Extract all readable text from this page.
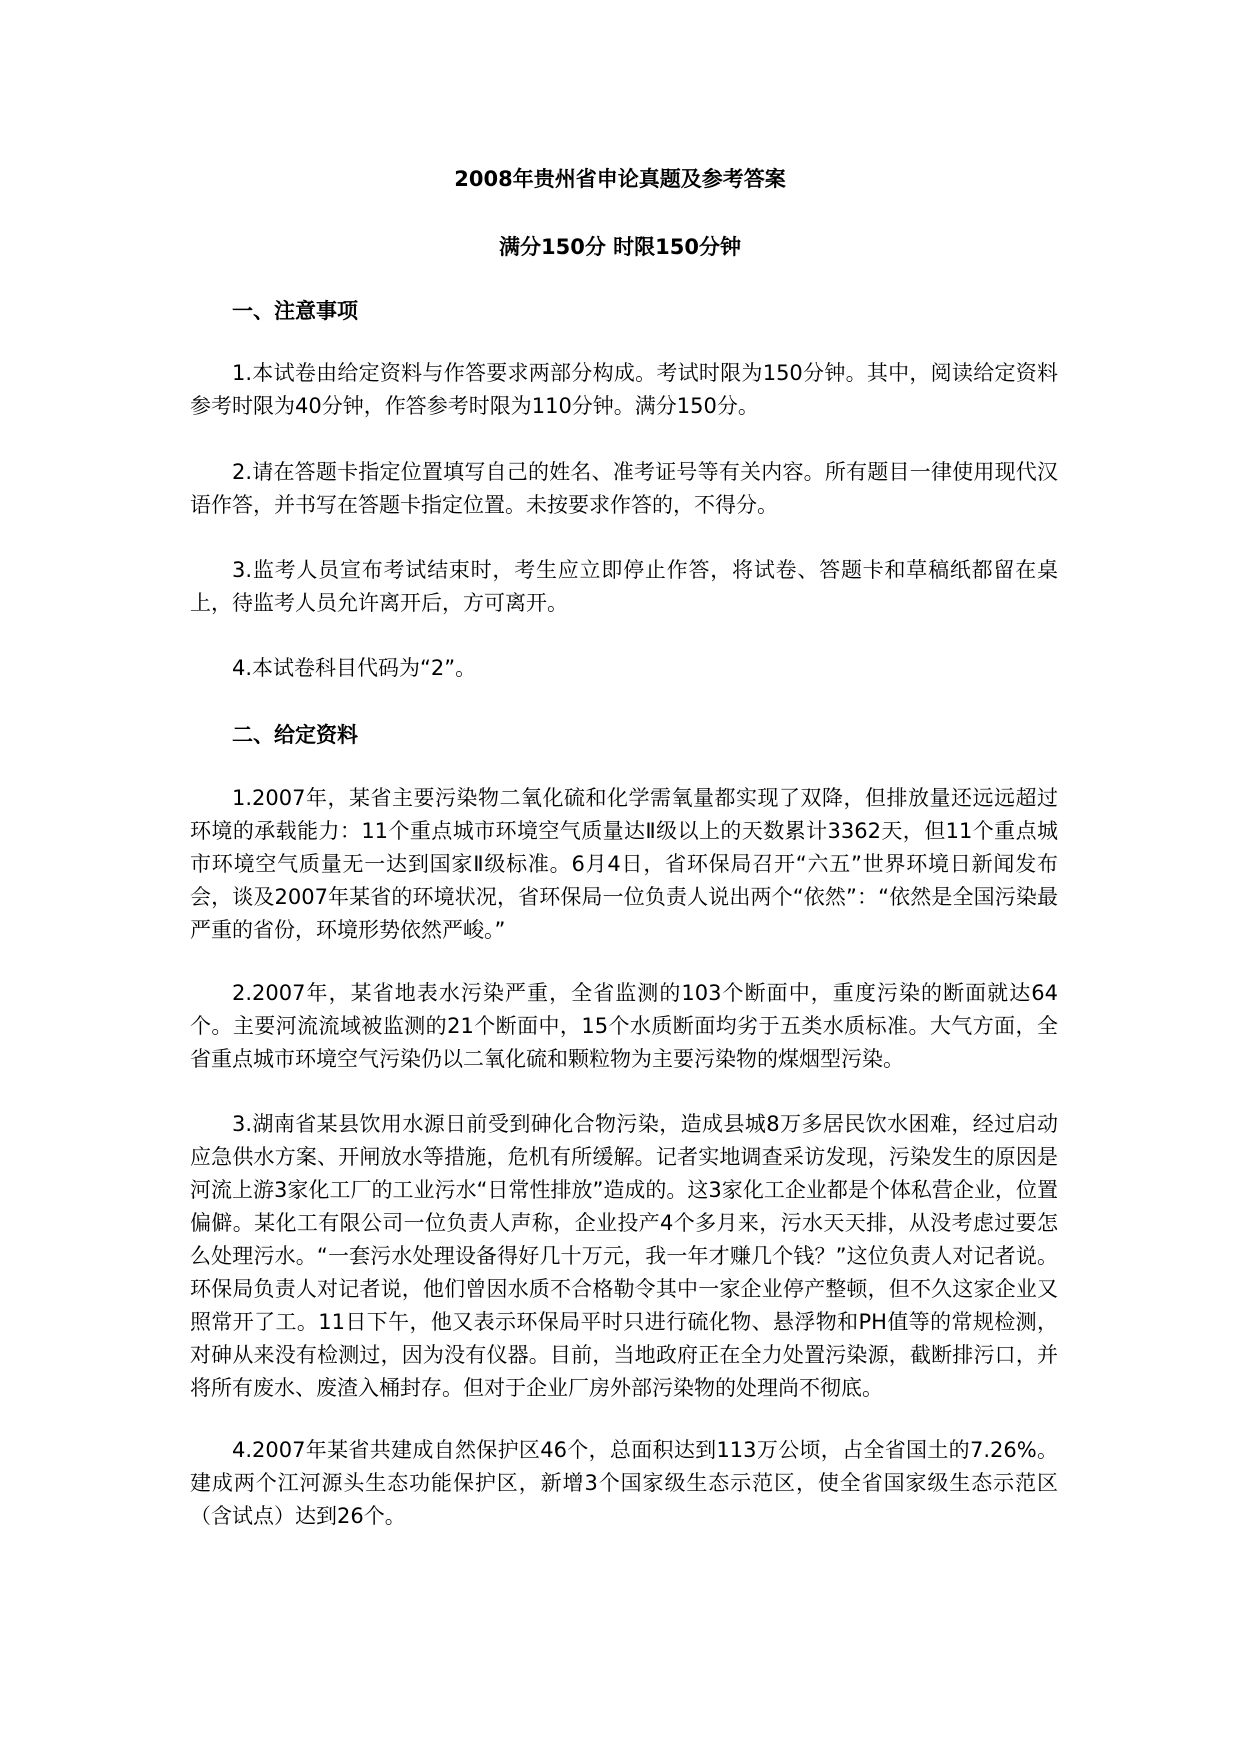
2008年贵州省申论真题及参考答案
满分150分 时限150分钟
一、注意事项

1.本试卷由给定资料与作答要求两部分构成。考试时限为150分钟。其中，阅读给定资料参考时限为40分钟，作答参考时限为110分钟。满分150分。

2.请在答题卡指定位置填写自己的姓名、准考证号等有关内容。所有题目一律使用现代汉语作答，并书写在答题卡指定位置。未按要求作答的，不得分。

3.监考人员宣布考试结束时，考生应立即停止作答，将试卷、答题卡和草稿纸都留在桌上，待监考人员允许离开后，方可离开。

4.本试卷科目代码为“2”。

二、给定资料

1.2007年，某省主要污染物二氧化硫和化学需氧量都实现了双降，但排放量还远远超过环境的承载能力：11个重点城市环境空气质量达Ⅱ级以上的天数累计3362天，但11个重点城市环境空气质量无一达到国家Ⅱ级标准。6月4日，省环保局召开“六五”世界环境日新闻发布会，谈及2007年某省的环境状况，省环保局一位负责人说出两个“依然”：“依然是全国污染最严重的省份，环境形势依然严峻。”

2.2007年，某省地表水污染严重，全省监测的103个断面中，重度污染的断面就达64个。主要河流流域被监测的21个断面中，15个水质断面均劣于五类水质标准。大气方面，全省重点城市环境空气污染仍以二氧化硫和颗粒物为主要污染物的煤烟型污染。

3.湖南省某县饮用水源日前受到砷化合物污染，造成县城8万多居民饮水困难，经过启动应急供水方案、开闸放水等措施，危机有所缓解。记者实地调查采访发现，污染发生的原因是河流上游3家化工厂的工业污水“日常性排放”造成的。这3家化工企业都是个体私营企业，位置偏僻。某化工有限公司一位负责人声称，企业投产4个多月来，污水天天排，从没考虑过要怎么处理污水。“一套污水处理设备得好几十万元，我一年才赚几个钱？”这位负责人对记者说。环保局负责人对记者说，他们曾因水质不合格勒令其中一家企业停产整顿，但不久这家企业又照常开了工。11日下午，他又表示环保局平时只进行硫化物、悬浮物和PH值等的常规检测，对砷从来没有检测过，因为没有仪器。目前，当地政府正在全力处置污染源，截断排污口，并将所有废水、废渣入桶封存。但对于企业厂房外部污染物的处理尚不彻底。

4.2007年某省共建成自然保护区46个，总面积达到113万公顷，占全省国土的7.26%。建成两个江河源头生态功能保护区，新增3个国家级生态示范区，使全省国家级生态示范区（含试点）达到26个。
